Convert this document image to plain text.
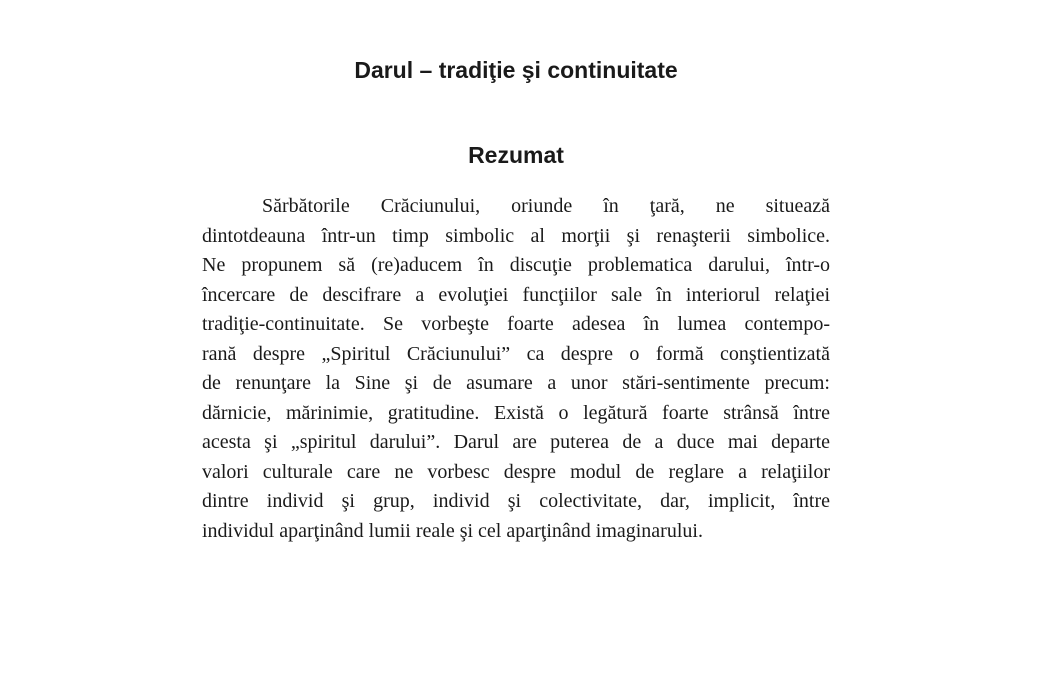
Darul – tradiţie şi continuitate
Rezumat
Sărbătorile Crăciunului, oriunde în ţară, ne situează
dintotdeauna într-un timp simbolic al morţii şi renaşterii simbolice.
Ne propunem să (re)aducem în discuţie problematica darului, într-o
încercare de descifrare a evoluţiei funcţiilor sale în interiorul relaţiei
tradiţie-continuitate. Se vorbeşte foarte adesea în lumea contempo-
rană despre „Spiritul Crăciunului” ca despre o formă conştientizată
de renunţare la Sine şi de asumare a unor stări-sentimente precum:
dărnicie, mărinimie, gratitudine. Există o legătură foarte strânsă între
acesta şi „spiritul darului”. Darul are puterea de a duce mai departe
valori culturale care ne vorbesc despre modul de reglare a relaţiilor
dintre individ şi grup, individ şi colectivitate, dar, implicit, între
individul aparţinând lumii reale şi cel aparţinând imaginarului.
